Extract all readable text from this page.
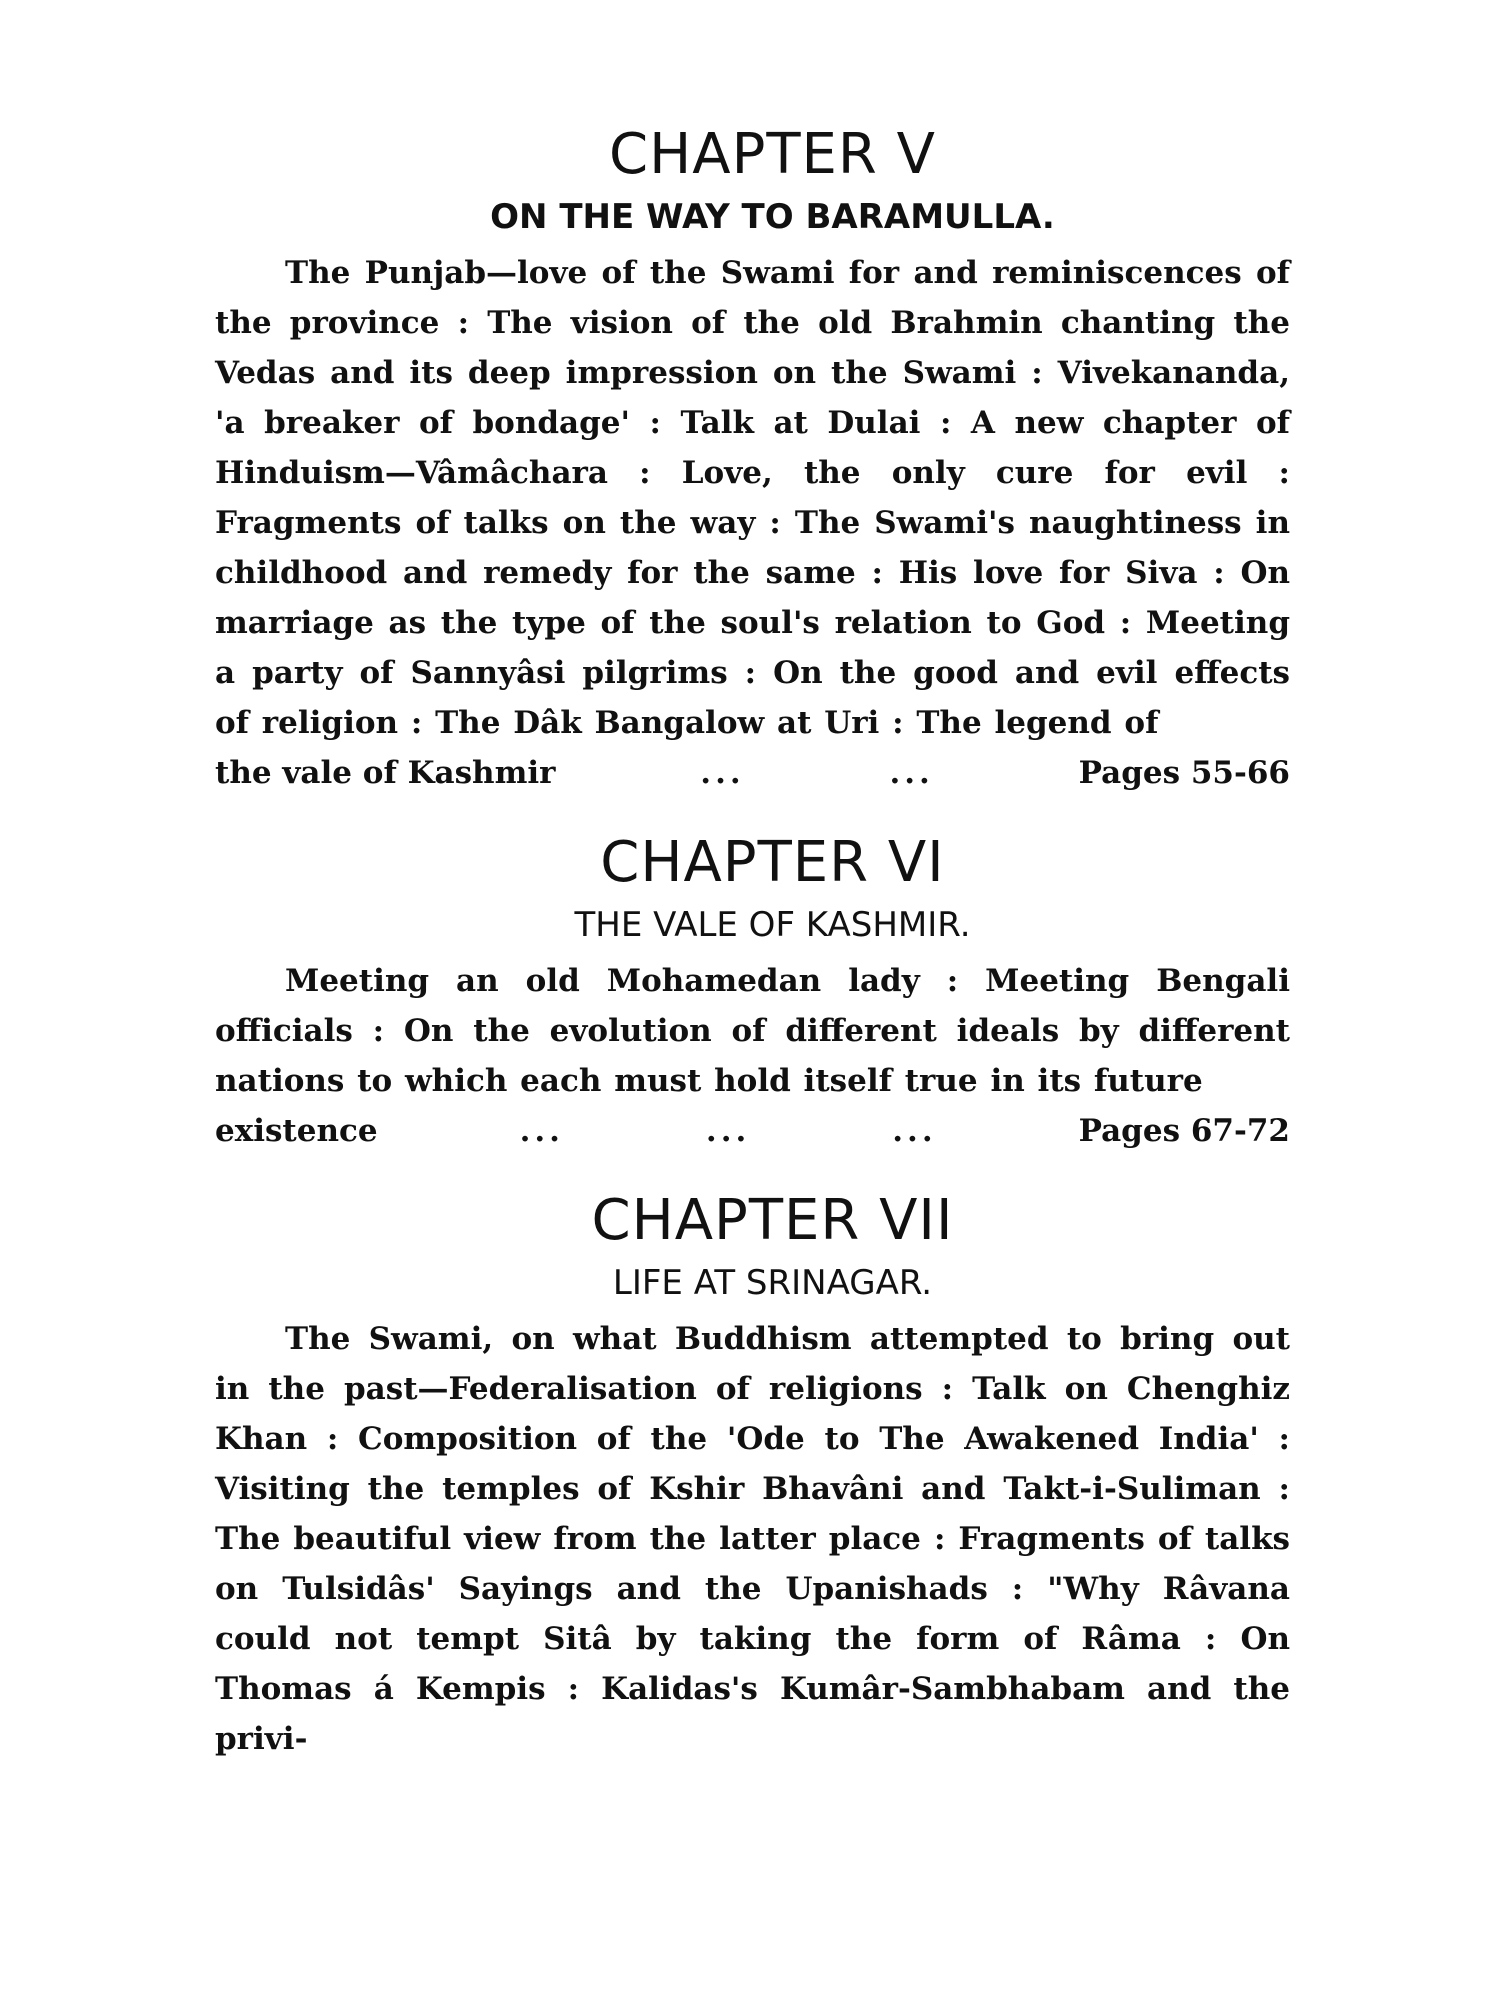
CHAPTER V
ON THE WAY TO BARAMULLA.

The Punjab—love of the Swami for and reminiscences of the province : The vision of the old Brahmin chanting the Vedas and its deep impression on the Swami : Vivekananda, 'a breaker of bondage' : Talk at Dulai : A new chapter of Hinduism—Vâmâchara : Love, the only cure for evil : Fragments of talks on the way : The Swami's naughtiness in childhood and remedy for the same : His love for Siva : On marriage as the type of the soul's relation to God : Meeting a party of Sannyâsi pilgrims : On the good and evil effects of religion : The Dâk Bangalow at Uri : The legend of

the vale of Kashmir	...	...	Pages 55-66
CHAPTER VI
THE VALE OF KASHMIR.

Meeting an old Mohamedan lady : Meeting Bengali officials : On the evolution of different ideals by different nations to which each must hold itself true in its future

existence	...	...	...	Pages 67-72
CHAPTER VII
LIFE AT SRINAGAR.

The Swami, on what Buddhism attempted to bring out in the past—Federalisation of religions : Talk on Chenghiz Khan : Composition of the 'Ode to The Awakened India' : Visiting the temples of Kshir Bhavâni and Takt-i-Suliman : The beautiful view from the latter place : Fragments of talks on Tulsidâs' Sayings and the Upanishads : "Why Râvana could not tempt Sitâ by taking the form of Râma : On Thomas á Kempis : Kalidas's Kumâr-Sambhabam and the privi-
